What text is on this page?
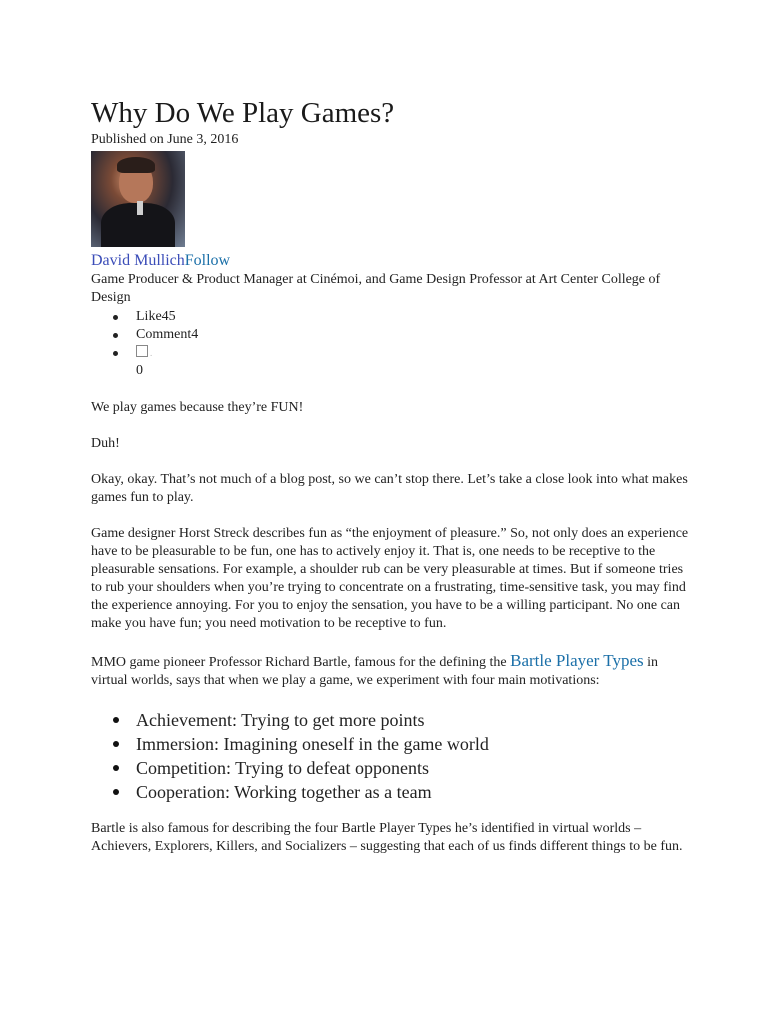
Why Do We Play Games?
Published on June 3, 2016
David MullichFollow
Game Producer & Product Manager at Cinémoi, and Game Design Professor at Art Center College of Design
Like45
Comment4
.
0

We play games because they’re FUN!

Duh!

Okay, okay. That’s not much of a blog post, so we can’t stop there. Let’s take a close look into what makes games fun to play.

Game designer Horst Streck describes fun as “the enjoyment of pleasure.” So, not only does an experience have to be pleasurable to be fun, one has to actively enjoy it. That is, one needs to be receptive to the pleasurable sensations. For example, a shoulder rub can be very pleasurable at times. But if someone tries to rub your shoulders when you’re trying to concentrate on a frustrating, time-sensitive task, you may find the experience annoying. For you to enjoy the sensation, you have to be a willing participant. No one can make you have fun; you need motivation to be receptive to fun.

MMO game pioneer Professor Richard Bartle, famous for the defining the Bartle Player Types in virtual worlds, says that when we play a game, we experiment with four main motivations:

Achievement: Trying to get more points
Immersion: Imagining oneself in the game world
Competition: Trying to defeat opponents
Cooperation: Working together as a team

Bartle is also famous for describing the four Bartle Player Types he’s identified in virtual worlds – Achievers, Explorers, Killers, and Socializers – suggesting that each of us finds different things to be fun.
